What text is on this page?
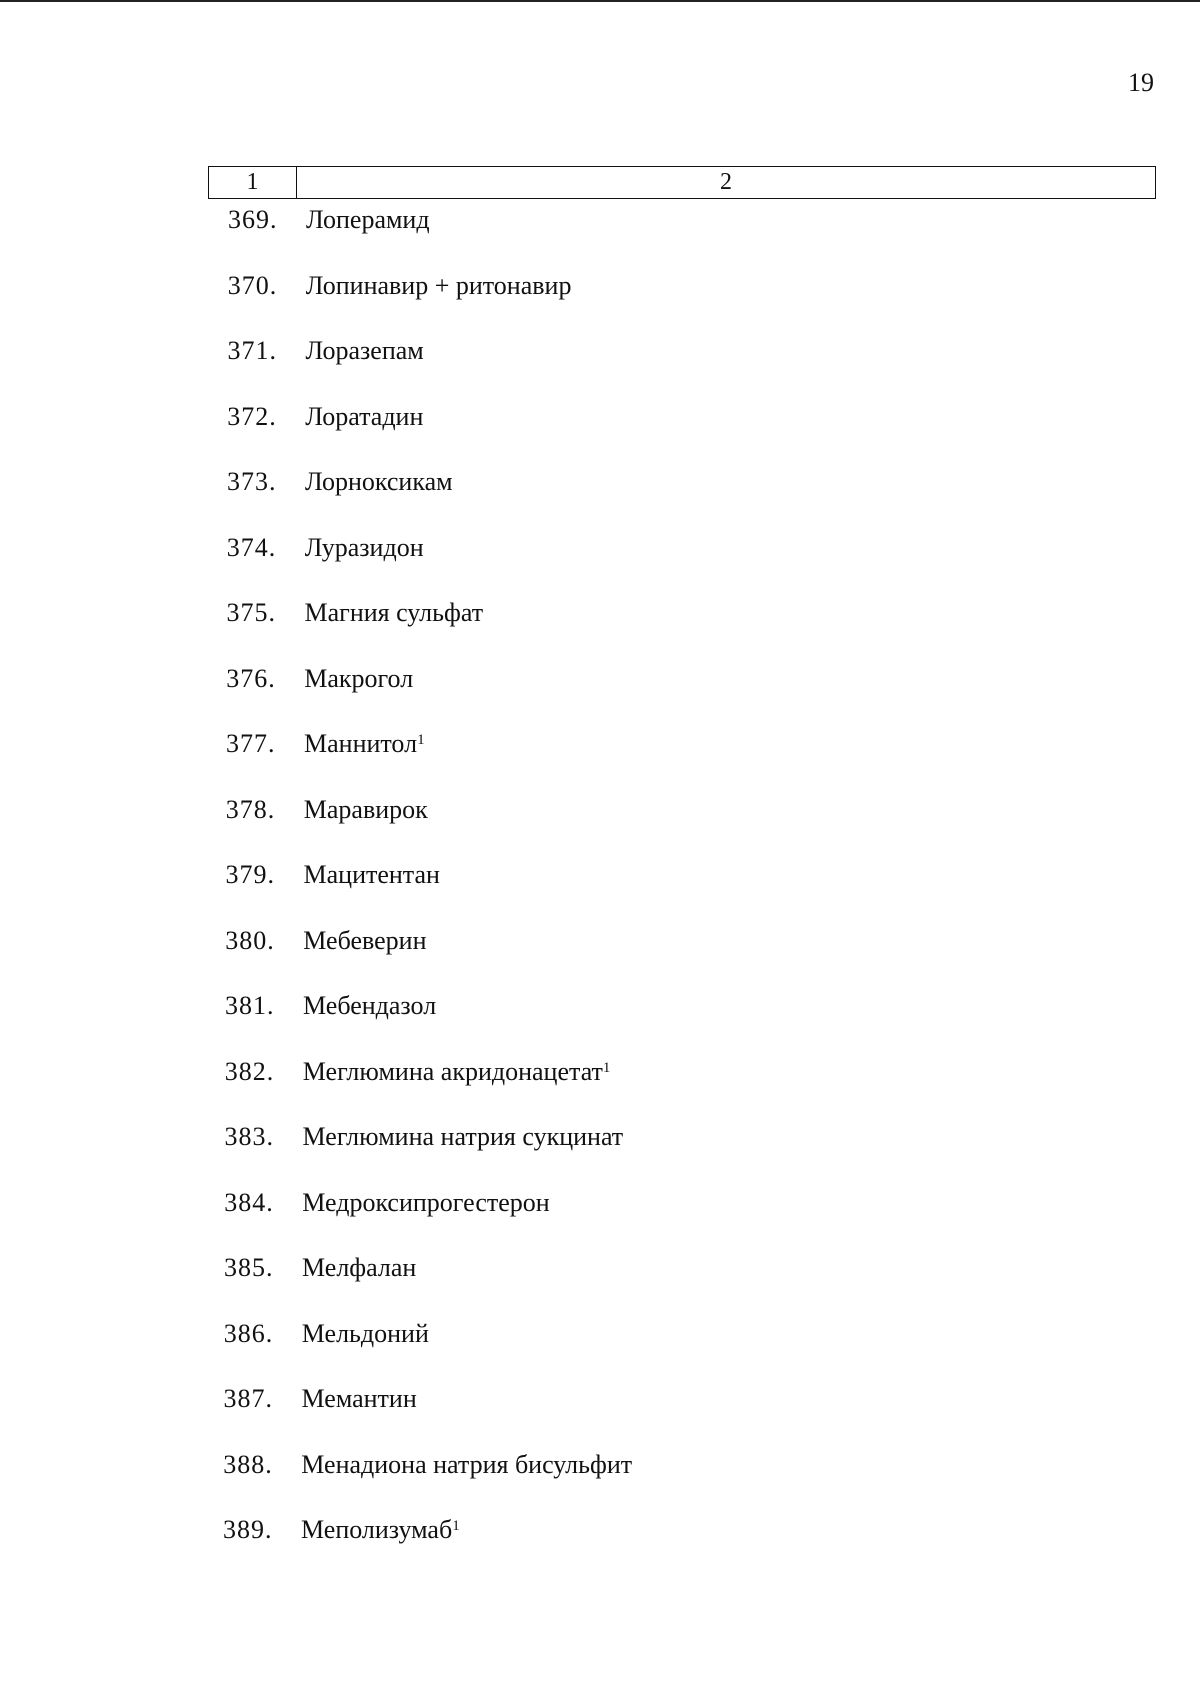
19
1	2
369.	Лоперамид
370.	Лопинавир + ритонавир
371.	Лоразепам
372.	Лоратадин
373.	Лорноксикам
374.	Луразидон
375.	Магния сульфат
376.	Макрогол
377.	Маннитол$^1$
378.	Маравирок
379.	Мацитентан
380.	Мебеверин
381.	Мебендазол
382.	Меглюмина акридонацетат$^1$
383.	Меглюмина натрия сукцинат
384.	Медроксипрогестерон
385.	Мелфалан
386.	Мельдоний
387.	Мемантин
388.	Менадиона натрия бисульфит
389.	Меполизумаб$^1$
